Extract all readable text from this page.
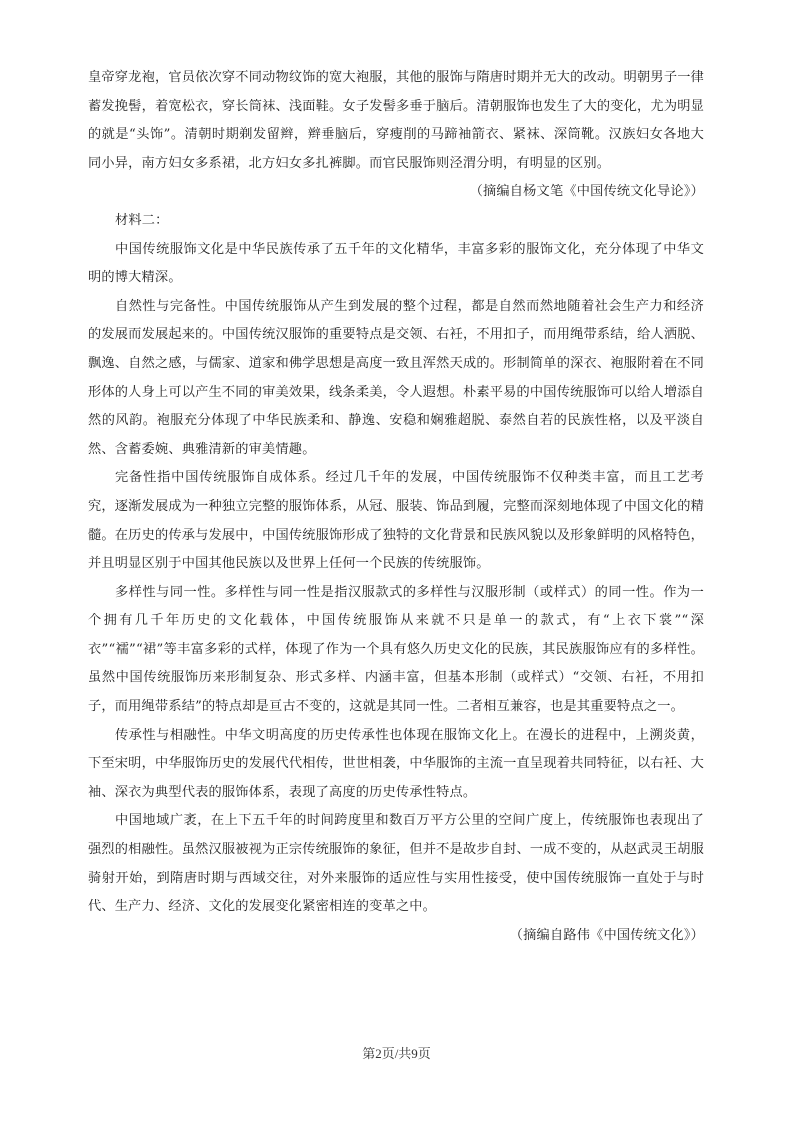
皇帝穿龙袍，官员依次穿不同动物纹饰的宽大袍服，其他的服饰与隋唐时期并无大的改动。明朝男子一律蓄发挽髻，着宽松衣，穿长筒袜、浅面鞋。女子发髻多垂于脑后。清朝服饰也发生了大的变化，尤为明显的就是“头饰”。清朝时期剃发留辫，辫垂脑后，穿瘦削的马蹄袖箭衣、紧袜、深筒靴。汉族妇女各地大同小异，南方妇女多系裙，北方妇女多扎裤脚。而官民服饰则泾渭分明，有明显的区别。

（摘编自杨文笔《中国传统文化导论》）

材料二：

中国传统服饰文化是中华民族传承了五千年的文化精华，丰富多彩的服饰文化，充分体现了中华文明的博大精深。

自然性与完备性。中国传统服饰从产生到发展的整个过程，都是自然而然地随着社会生产力和经济的发展而发展起来的。中国传统汉服饰的重要特点是交领、右衽，不用扣子，而用绳带系结，给人洒脱、飘逸、自然之感，与儒家、道家和佛学思想是高度一致且浑然天成的。形制简单的深衣、袍服附着在不同形体的人身上可以产生不同的审美效果，线条柔美，令人遐想。朴素平易的中国传统服饰可以给人增添自然的风韵。袍服充分体现了中华民族柔和、静逸、安稳和娴雅超脱、泰然自若的民族性格，以及平淡自然、含蓄委婉、典雅清新的审美情趣。

完备性指中国传统服饰自成体系。经过几千年的发展，中国传统服饰不仅种类丰富，而且工艺考究，逐渐发展成为一种独立完整的服饰体系，从冠、服装、饰品到履，完整而深刻地体现了中国文化的精髓。在历史的传承与发展中，中国传统服饰形成了独特的文化背景和民族风貌以及形象鲜明的风格特色，并且明显区别于中国其他民族以及世界上任何一个民族的传统服饰。

多样性与同一性。多样性与同一性是指汉服款式的多样性与汉服形制（或样式）的同一性。作为一个拥有几千年历史的文化载体，中国传统服饰从来就不只是单一的款式，有“上衣下裳”“深衣”“襦”“裙”等丰富多彩的式样，体现了作为一个具有悠久历史文化的民族，其民族服饰应有的多样性。虽然中国传统服饰历来形制复杂、形式多样、内涵丰富，但基本形制（或样式）“交领、右衽，不用扣子，而用绳带系结”的特点却是亘古不变的，这就是其同一性。二者相互兼容，也是其重要特点之一。

传承性与相融性。中华文明高度的历史传承性也体现在服饰文化上。在漫长的进程中，上溯炎黄，下至宋明，中华服饰历史的发展代代相传，世世相袭，中华服饰的主流一直呈现着共同特征，以右衽、大袖、深衣为典型代表的服饰体系，表现了高度的历史传承性特点。

中国地域广袤，在上下五千年的时间跨度里和数百万平方公里的空间广度上，传统服饰也表现出了强烈的相融性。虽然汉服被视为正宗传统服饰的象征，但并不是故步自封、一成不变的，从赵武灵王胡服骑射开始，到隋唐时期与西域交往，对外来服饰的适应性与实用性接受，使中国传统服饰一直处于与时代、生产力、经济、文化的发展变化紧密相连的变革之中。

（摘编自路伟《中国传统文化》）

第2页/共9页
